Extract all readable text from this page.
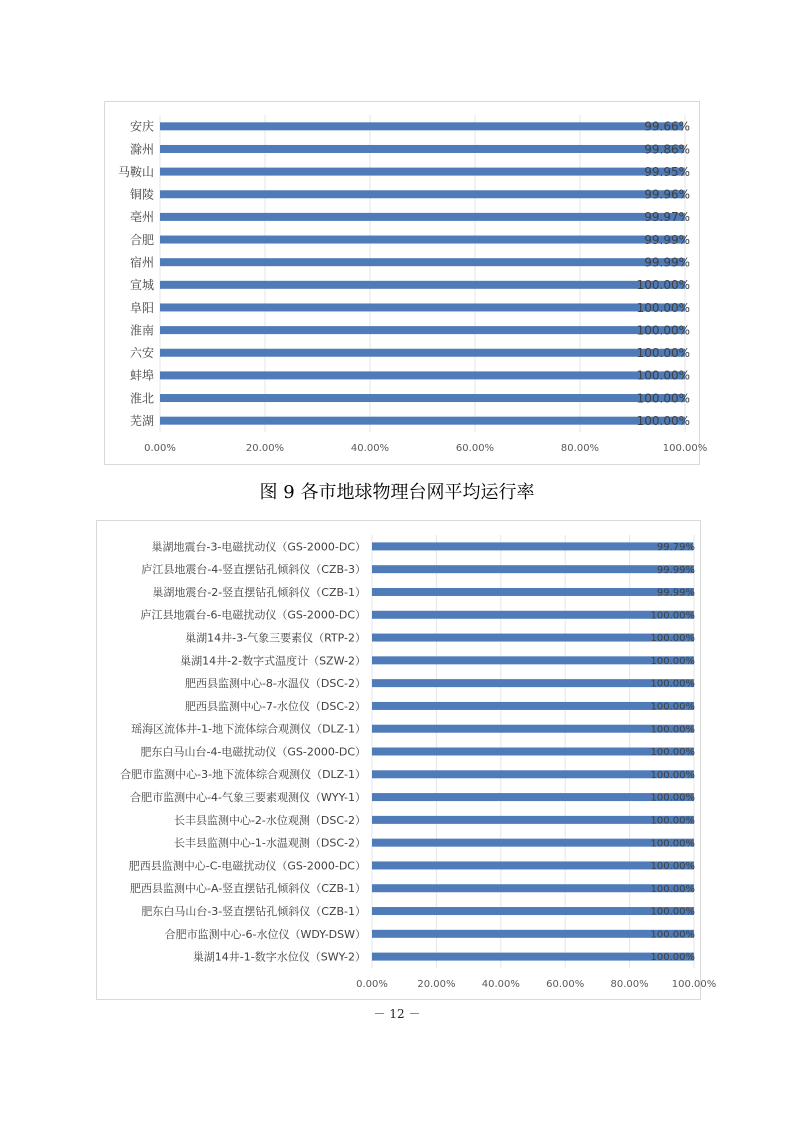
0.00%	20.00%	40.00%	60.00%	80.00%	100.00%
安庆	99.66%
滁州	99.86%
马鞍山	99.95%
铜陵	99.96%
亳州	99.97%
合肥	99.99%
宿州	99.99%
宣城	100.00%
阜阳	100.00%
淮南	100.00%
六安	100.00%
蚌埠	100.00%
淮北	100.00%
芜湖	100.00%
图 9 各市地球物理台网平均运行率
0.00%	20.00%	40.00%	60.00%	80.00% 100.00%
巢湖地震台-3-电磁扰动仪（GS-2000-DC）	99.79%
庐江县地震台-4-竖直摆钻孔倾斜仪（CZB-3）	99.99%
巢湖地震台-2-竖直摆钻孔倾斜仪（CZB-1）	99.99%
庐江县地震台-6-电磁扰动仪（GS-2000-DC）	100.00%
巢湖14井-3-气象三要素仪（RTP-2）	100.00%
巢湖14井-2-数字式温度计（SZW-2）	100.00%
肥西县监测中心-8-水温仪（DSC-2）	100.00%
肥西县监测中心-7-水位仪（DSC-2）	100.00%
瑶海区流体井-1-地下流体综合观测仪（DLZ-1）	100.00%
肥东白马山台-4-电磁扰动仪（GS-2000-DC）	100.00%
合肥市监测中心-3-地下流体综合观测仪（DLZ-1）	100.00%
合肥市监测中心-4-气象三要素观测仪（WYY-1）	100.00%
长丰县监测中心-2-水位观测（DSC-2）	100.00%
长丰县监测中心-1-水温观测（DSC-2）	100.00%
肥西县监测中心-C-电磁扰动仪（GS-2000-DC）	100.00%
肥西县监测中心-A-竖直摆钻孔倾斜仪（CZB-1）	100.00%
肥东白马山台-3-竖直摆钻孔倾斜仪（CZB-1）	100.00%
合肥市监测中心-6-水位仪（WDY-DSW）	100.00%
巢湖14井-1-数字水位仪（SWY-2）	100.00%
－ 12 －
